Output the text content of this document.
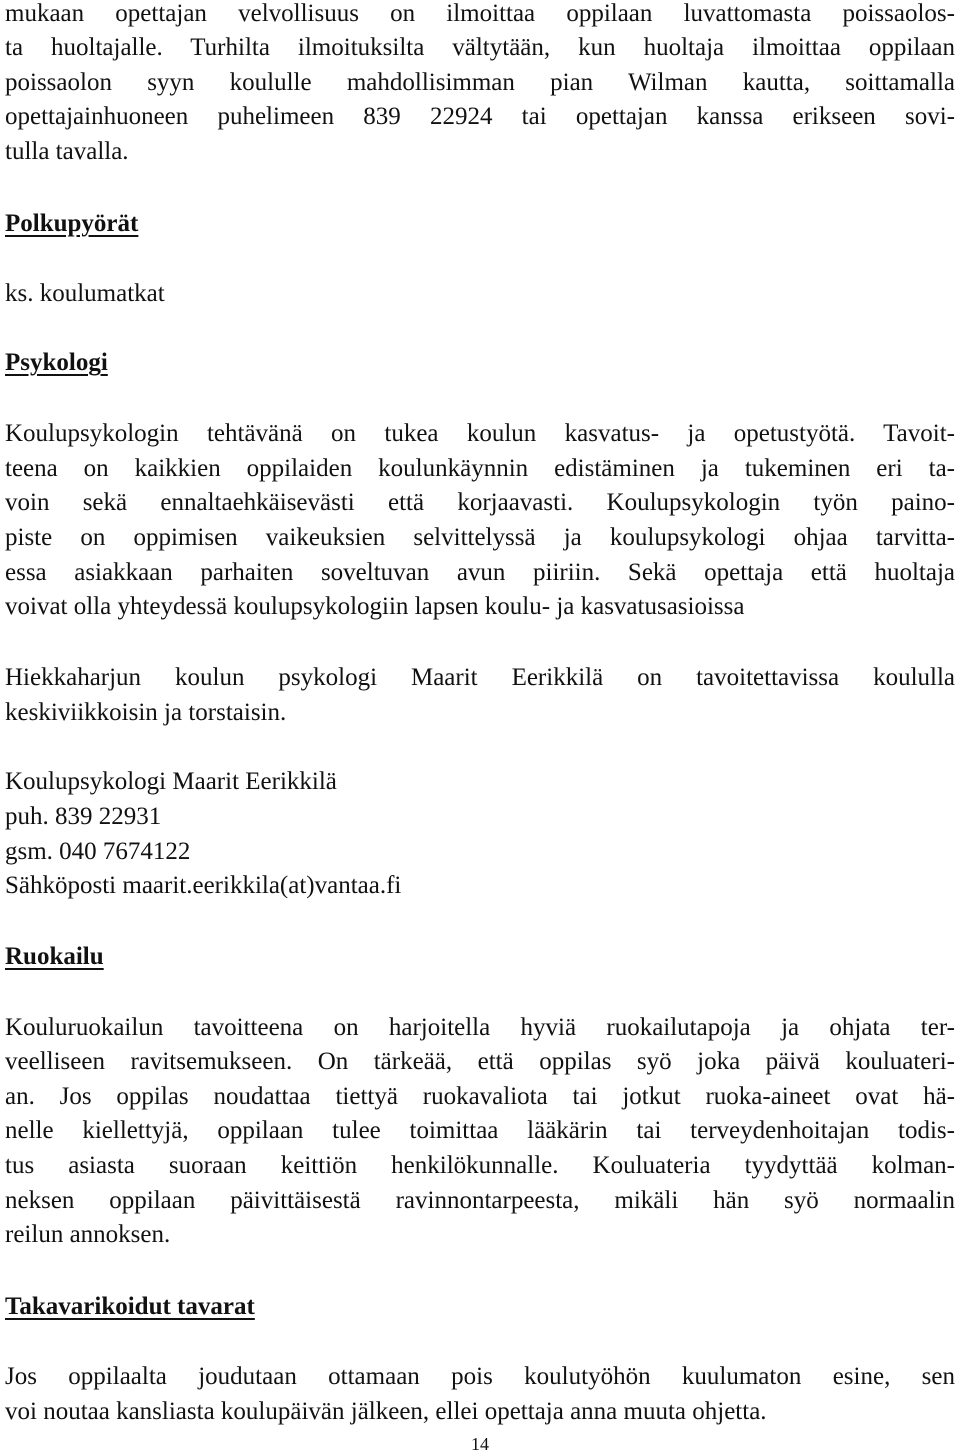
mukaan opettajan velvollisuus on ilmoittaa oppilaan luvattomasta poissaolos-
ta huoltajalle. Turhilta ilmoituksilta vältytään, kun huoltaja ilmoittaa oppilaan
poissaolon syyn koululle mahdollisimman pian Wilman kautta, soittamalla
opettajainhuoneen puhelimeen 839 22924 tai opettajan kanssa erikseen sovi-
tulla tavalla.
Polkupyörät
ks. koulumatkat
Psykologi
Koulupsykologin tehtävänä on tukea koulun kasvatus- ja opetustyötä. Tavoit-
teena on kaikkien oppilaiden koulunkäynnin edistäminen ja tukeminen eri ta-
voin sekä ennaltaehkäisevästi että korjaavasti. Koulupsykologin työn paino-
piste on oppimisen vaikeuksien selvittelyssä ja koulupsykologi ohjaa tarvitta-
essa asiakkaan parhaiten soveltuvan avun piiriin. Sekä opettaja että huoltaja
voivat olla yhteydessä koulupsykologiin lapsen koulu- ja kasvatusasioissa
Hiekkaharjun koulun psykologi Maarit Eerikkilä on tavoitettavissa koululla
keskiviikkoisin ja torstaisin.
Koulupsykologi Maarit Eerikkilä
puh. 839 22931
gsm. 040 7674122
Sähköposti maarit.eerikkila(at)vantaa.fi
Ruokailu
Kouluruokailun tavoitteena on harjoitella hyviä ruokailutapoja ja ohjata ter-
veelliseen ravitsemukseen. On tärkeää, että oppilas syö joka päivä kouluateri-
an. Jos oppilas noudattaa tiettyä ruokavaliota tai jotkut ruoka-aineet ovat hä-
nelle kiellettyjä, oppilaan tulee toimittaa lääkärin tai terveydenhoitajan todis-
tus asiasta suoraan keittiön henkilökunnalle. Kouluateria tyydyttää kolman-
neksen oppilaan päivittäisestä ravinnontarpeesta, mikäli hän syö normaalin
reilun annoksen.
Takavarikoidut tavarat
Jos oppilaalta joudutaan ottamaan pois koulutyöhön kuulumaton esine, sen
voi noutaa kansliasta koulupäivän jälkeen, ellei opettaja anna muuta ohjetta.
14
